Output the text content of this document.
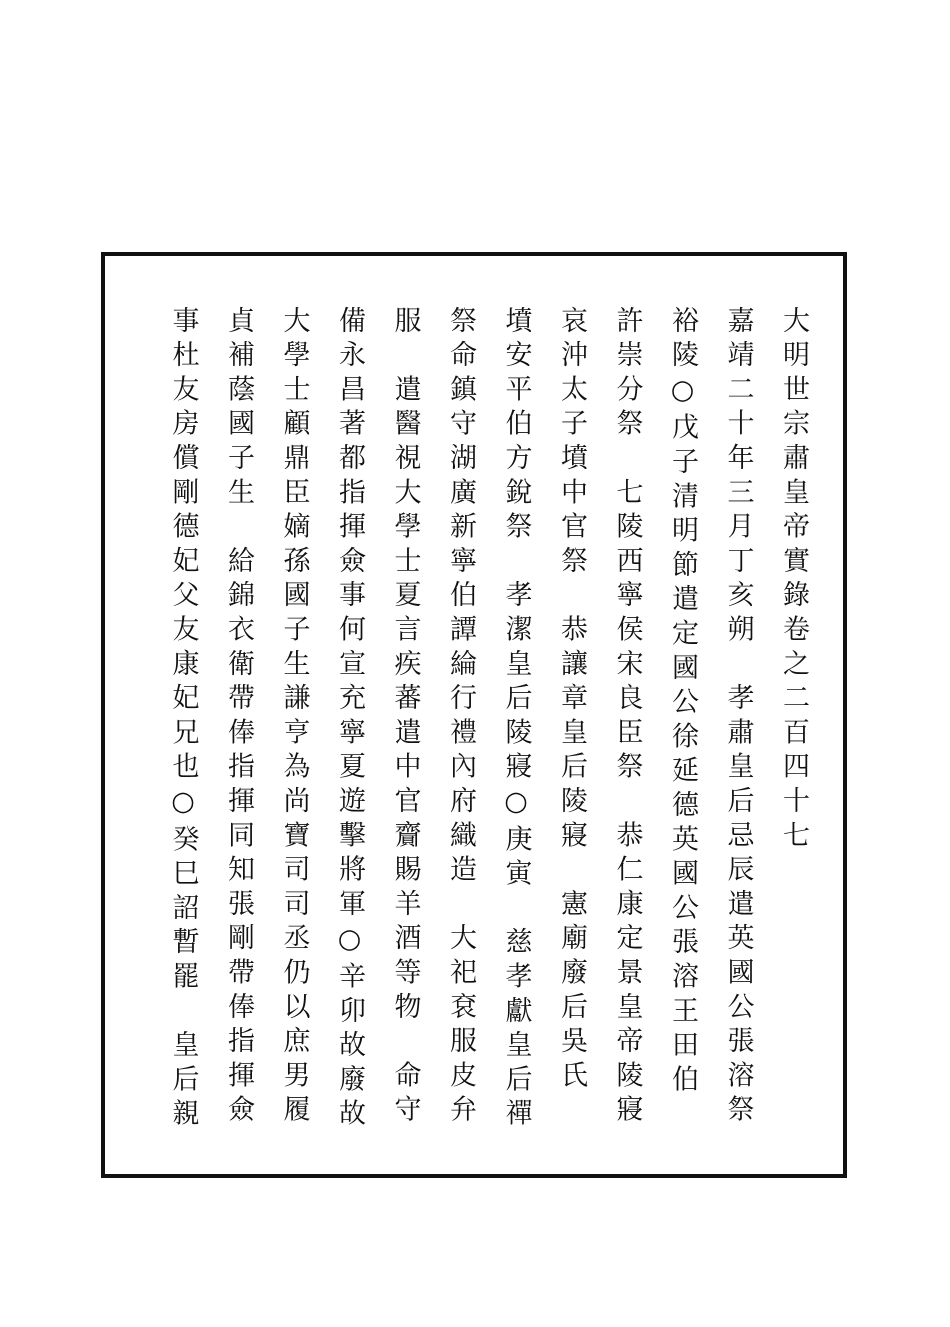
大明世宗肅皇帝實錄卷之二百四十七
嘉靖二十年三月丁亥朔　孝肅皇后忌辰遣英國公張溶祭
裕陵○戊子清明節遣定國公徐延德英國公張溶王田伯
許崇分祭　七陵西寧侯宋良臣祭　恭仁康定景皇帝陵寢
哀沖太子墳中官祭　恭讓章皇后陵寢　憲廟廢后吳氏
墳安平伯方銳祭　孝潔皇后陵寢○庚寅　慈孝獻皇后禪
祭命鎮守湖廣新寧伯譚綸行禮內府織造　大祀袞服皮弁
服　遣醫視大學士夏言疾蕃遣中官齎賜羊酒等物　命守
備永昌著都指揮僉事何宣充寧夏遊擊將軍○辛卯故廢故
大學士顧鼎臣嫡孫國子生謙亨為尚寶司司丞仍以庶男履
貞補蔭國子生　給錦衣衛帶俸指揮同知張剛帶俸指揮僉
事杜友房償剛德妃父友康妃兄也○癸巳詔暫罷　皇后親
